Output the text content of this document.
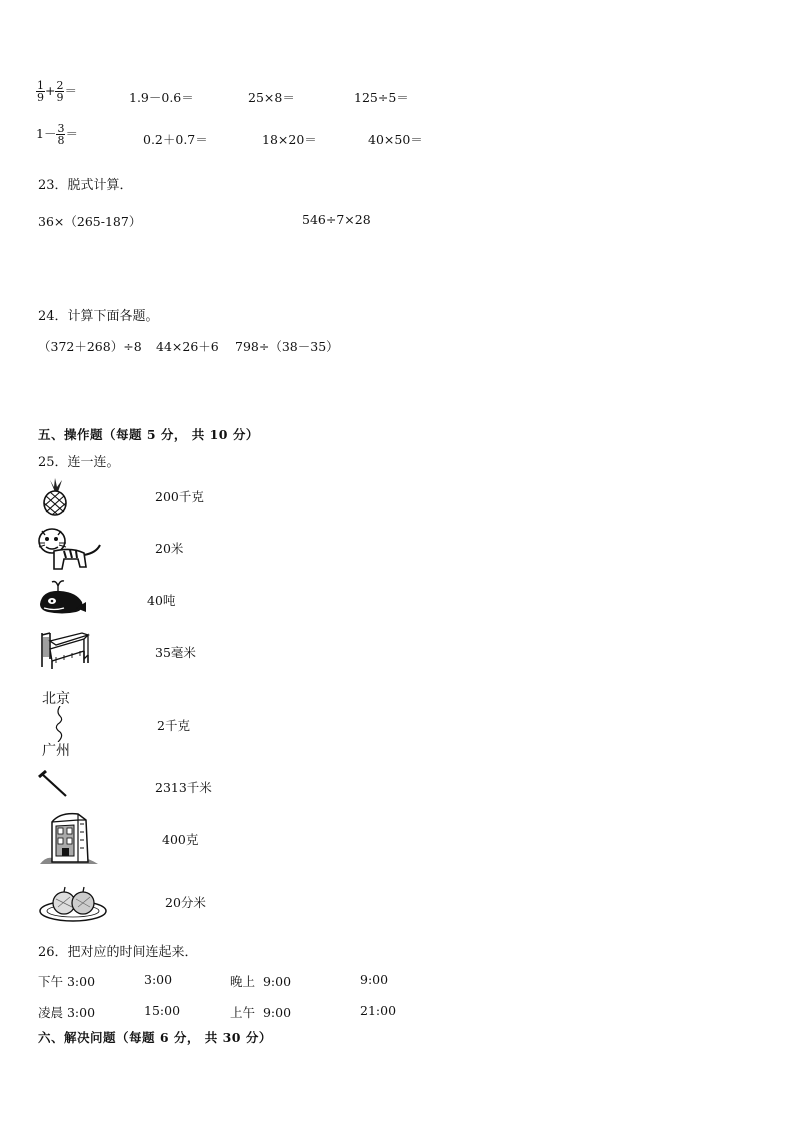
$\frac{1}{9} + \frac{2}{9}$ ＝	1.9－0.6＝	25×8＝	125÷5＝
$1- \frac{3}{8}$ ＝	0.2＋0.7＝	18×20＝	40×50＝
23．脱式计算．
36×（265-187）	546÷7×28
24．计算下面各题。
（372＋268）÷8 44×26＋6 798÷（38－35）
五、操作题（每题 5 分， 共 10 分）
25．连一连。
200千克
20米
40吨
35毫米
北京
广州
2千克
2313千米
400克
20分米
26．把对应的时间连起来．
下午 3:00	3:00	晚上  9:00	9:00
凌晨 3:00	15:00	上午  9:00	21:00
六、解决问题（每题 6 分， 共 30 分）
